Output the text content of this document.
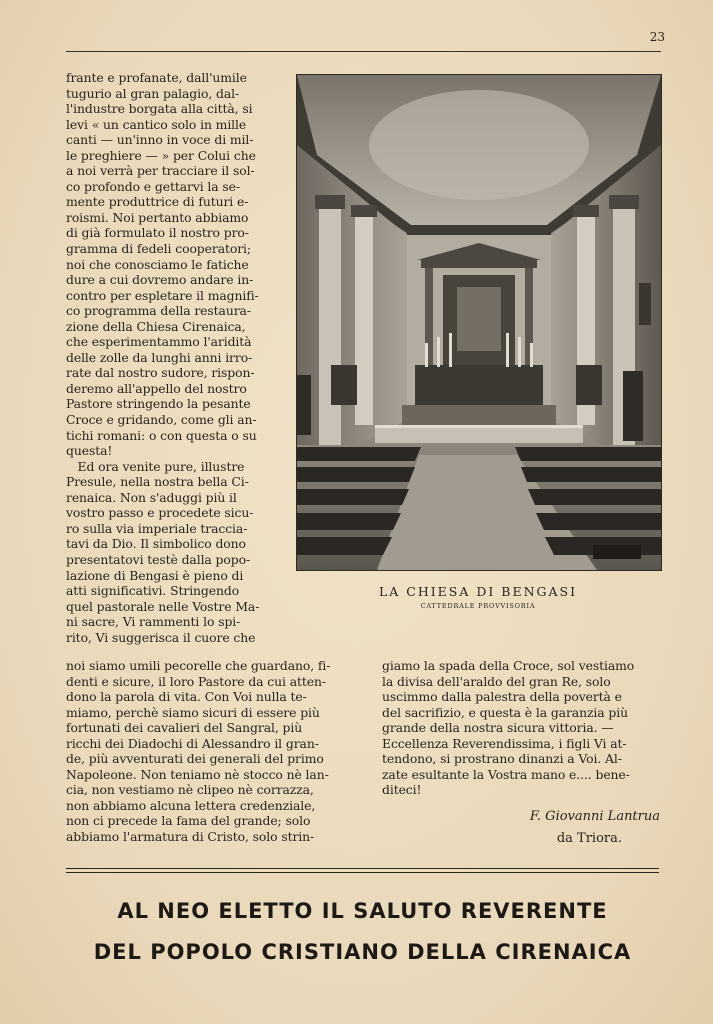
23
frante e profanate, dall'umile
tugurio al gran palagio, dal-
l'industre borgata alla città, si
levi « un cantico solo in mille
canti — un'inno in voce di mil-
le preghiere — » per Colui che
a noi verrà per tracciare il sol-
co profondo e gettarvi la se-
mente produttrice di futuri e-
roismi. Noi pertanto abbiamo
di già formulato il nostro pro-
gramma di fedeli cooperatori;
noi che conosciamo le fatiche
dure a cui dovremo andare in-
contro per espletare il magnifi-
co programma della restaura-
zione della Chiesa Cirenaica,
che esperimentammo l'aridità
delle zolle da lunghi anni irro-
rate dal nostro sudore, rispon-
deremo all'appello del nostro
Pastore stringendo la pesante
Croce e gridando, come gli an-
tichi romani: o con questa o su
questa!
Ed ora venite pure, illustre
Presule, nella nostra bella Ci-
renaica. Non s'aduggi più il
vostro passo e procedete sicu-
ro sulla via imperiale traccia-
tavi da Dio. Il simbolico dono
presentatovi testè dalla popo-
lazione di Bengasi è pieno di
atti significativi. Stringendo
quel pastorale nelle Vostre Ma-
ni sacre, Vi rammenti lo spi-
rito, Vi suggerisca il cuore che
LA CHIESA DI BENGASI
CATTEDRALE PROVVISORIA
noi siamo umili pecorelle che guardano, fi-
denti e sicure, il loro Pastore da cui atten-
dono la parola di vita. Con Voi nulla te-
miamo, perchè siamo sicuri di essere più
fortunati dei cavalieri del Sangral, più
ricchi dei Diadochi di Alessandro il gran-
de, più avventurati dei generali del primo
Napoleone. Non teniamo nè stocco nè lan-
cia, non vestiamo nè clipeo nè corrazza,
non abbiamo alcuna lettera credenziale,
non ci precede la fama del grande; solo
abbiamo l'armatura di Cristo, solo strin-
giamo la spada della Croce, sol vestiamo
la divisa dell'araldo del gran Re, solo
uscimmo dalla palestra della povertà e
del sacrifizio, e questa è la garanzia più
grande della nostra sicura vittoria. —
Eccellenza Reverendissima, i figli Vi at-
tendono, si prostrano dinanzi a Voi. Al-
zate esultante la Vostra mano e.... bene-
diteci!
F. Giovanni Lantrua
da Triora.
AL NEO ELETTO IL SALUTO REVERENTE
DEL POPOLO CRISTIANO DELLA CIRENAICA
